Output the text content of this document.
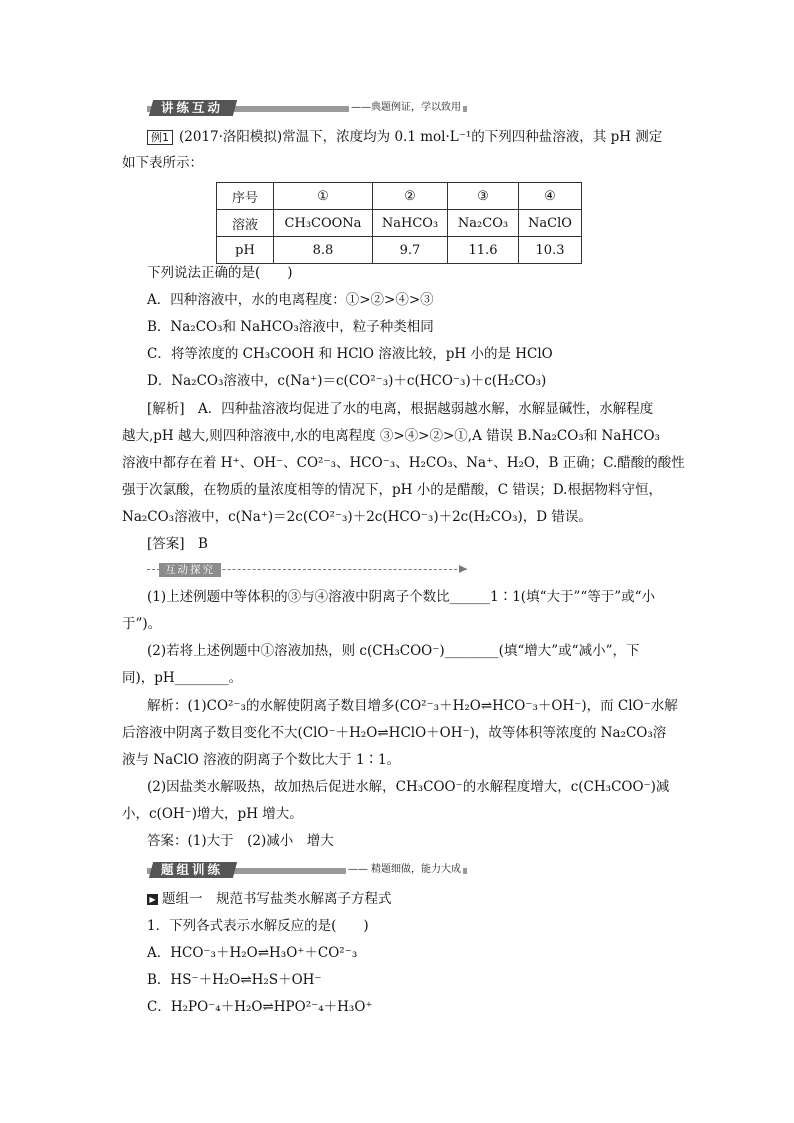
讲练互动	——典题例证，学以致用
例1 (2017·洛阳模拟)常温下，浓度均为 0.1 mol·L⁻¹的下列四种盐溶液，其 pH 测定
如下表所示：
序号	①	②	③	④
溶液	CH₃COONa	NaHCO₃	Na₂CO₃	NaClO
pH	8.8	9.7	11.6	10.3
下列说法正确的是(　　)
A．四种溶液中，水的电离程度：①>②>④>③
B．Na₂CO₃和 NaHCO₃溶液中，粒子种类相同
C．将等浓度的 CH₃COOH 和 HClO 溶液比较，pH 小的是 HClO
D．Na₂CO₃溶液中，c(Na⁺)＝c(CO²⁻₃)＋c(HCO⁻₃)＋c(H₂CO₃)
[解析]　A．四种盐溶液均促进了水的电离，根据越弱越水解，水解显碱性，水解程度
越大,pH 越大,则四种溶液中,水的电离程度 ③>④>②>①,A 错误 B.Na₂CO₃和 NaHCO₃
溶液中都存在着 H⁺、OH⁻、CO²⁻₃、HCO⁻₃、H₂CO₃、Na⁺、H₂O，B 正确；C.醋酸的酸性
强于次氯酸，在物质的量浓度相等的情况下，pH 小的是醋酸，C 错误；D.根据物料守恒，
Na₂CO₃溶液中，c(Na⁺)＝2c(CO²⁻₃)＋2c(HCO⁻₃)＋2c(H₂CO₃)，D 错误。
[答案]　B
互动探究
(1)上述例题中等体积的③与④溶液中阴离子个数比______1∶1(填“大于”“等于”或“小
于”)。
(2)若将上述例题中①溶液加热，则 c(CH₃COO⁻)________(填“增大”或“减小”，下
同)，pH________。
解析：(1)CO²⁻₃的水解使阴离子数目增多(CO²⁻₃＋H₂O⇌HCO⁻₃＋OH⁻)，而 ClO⁻水解
后溶液中阴离子数目变化不大(ClO⁻＋H₂O⇌HClO＋OH⁻)，故等体积等浓度的 Na₂CO₃溶
液与 NaClO 溶液的阴离子个数比大于 1∶1。
(2)因盐类水解吸热，故加热后促进水解，CH₃COO⁻的水解程度增大，c(CH₃COO⁻)减
小，c(OH⁻)增大，pH 增大。
答案：(1)大于　(2)减小　增大
题组训练	—— 精题细做，能力大成
▶题组一　规范书写盐类水解离子方程式
1．下列各式表示水解反应的是(　　)
A．HCO⁻₃＋H₂O⇌H₃O⁺＋CO²⁻₃
B．HS⁻＋H₂O⇌H₂S＋OH⁻
C．H₂PO⁻₄＋H₂O⇌HPO²⁻₄＋H₃O⁺
